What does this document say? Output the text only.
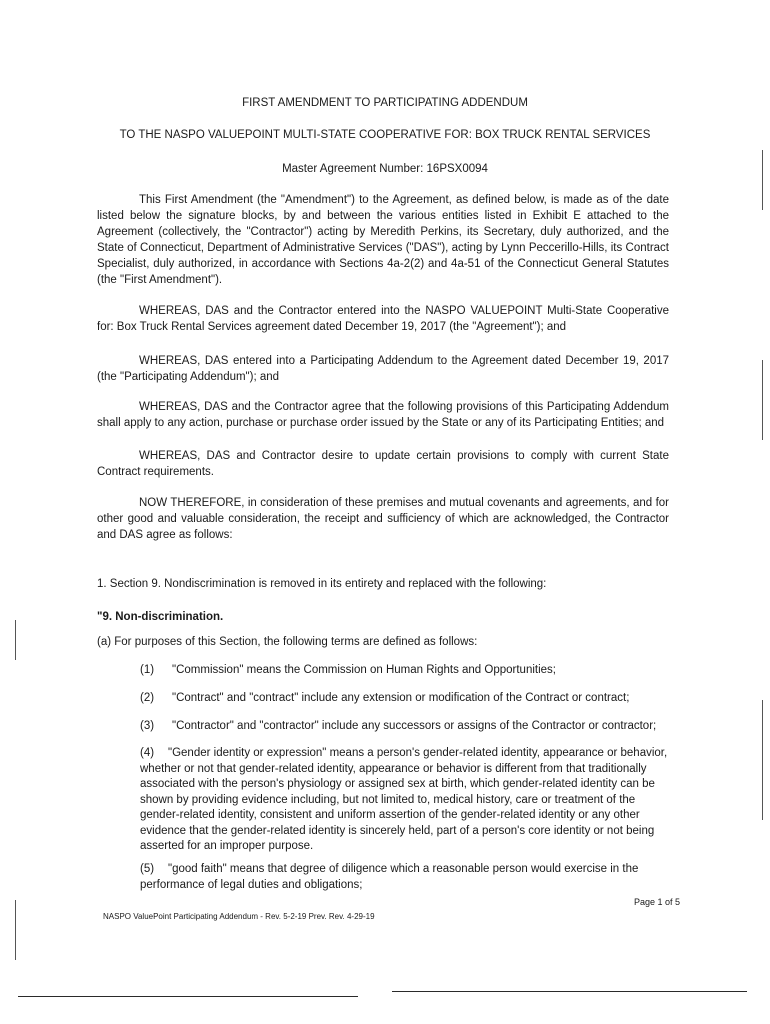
FIRST AMENDMENT TO PARTICIPATING ADDENDUM

TO THE NASPO VALUEPOINT MULTI-STATE COOPERATIVE FOR: BOX TRUCK RENTAL SERVICES

Master Agreement Number: 16PSX0094

This First Amendment (the "Amendment") to the Agreement, as defined below, is made as of the date listed below the signature blocks, by and between the various entities listed in Exhibit E attached to the Agreement (collectively, the "Contractor") acting by Meredith Perkins, its Secretary, duly authorized, and the State of Connecticut, Department of Administrative Services ("DAS"), acting by Lynn Peccerillo-Hills, its Contract Specialist, duly authorized, in accordance with Sections 4a-2(2) and 4a-51 of the Connecticut General Statutes (the "First Amendment").

WHEREAS, DAS and the Contractor entered into the NASPO VALUEPOINT Multi-State Cooperative for: Box Truck Rental Services agreement dated December 19, 2017 (the "Agreement"); and

WHEREAS, DAS entered into a Participating Addendum to the Agreement dated December 19, 2017 (the "Participating Addendum"); and

WHEREAS, DAS and the Contractor agree that the following provisions of this Participating Addendum shall apply to any action, purchase or purchase order issued by the State or any of its Participating Entities; and

WHEREAS, DAS and Contractor desire to update certain provisions to comply with current State Contract requirements.

NOW THEREFORE, in consideration of these premises and mutual covenants and agreements, and for other good and valuable consideration, the receipt and sufficiency of which are acknowledged, the Contractor and DAS agree as follows:

1. Section 9. Nondiscrimination is removed in its entirety and replaced with the following:

"9. Non-discrimination.

(a) For purposes of this Section, the following terms are defined as follows:

(1) "Commission" means the Commission on Human Rights and Opportunities;
(2) "Contract" and "contract" include any extension or modification of the Contract or contract;
(3) "Contractor" and "contractor" include any successors or assigns of the Contractor or contractor;
(4) "Gender identity or expression" means a person's gender-related identity, appearance or behavior, whether or not that gender-related identity, appearance or behavior is different from that traditionally associated with the person's physiology or assigned sex at birth, which gender-related identity can be shown by providing evidence including, but not limited to, medical history, care or treatment of the gender-related identity, consistent and uniform assertion of the gender-related identity or any other evidence that the gender-related identity is sincerely held, part of a person's core identity or not being asserted for an improper purpose.
(5) "good faith" means that degree of diligence which a reasonable person would exercise in the performance of legal duties and obligations;

Page 1 of 5

NASPO ValuePoint Participating Addendum - Rev. 5-2-19 Prev. Rev. 4-29-19
